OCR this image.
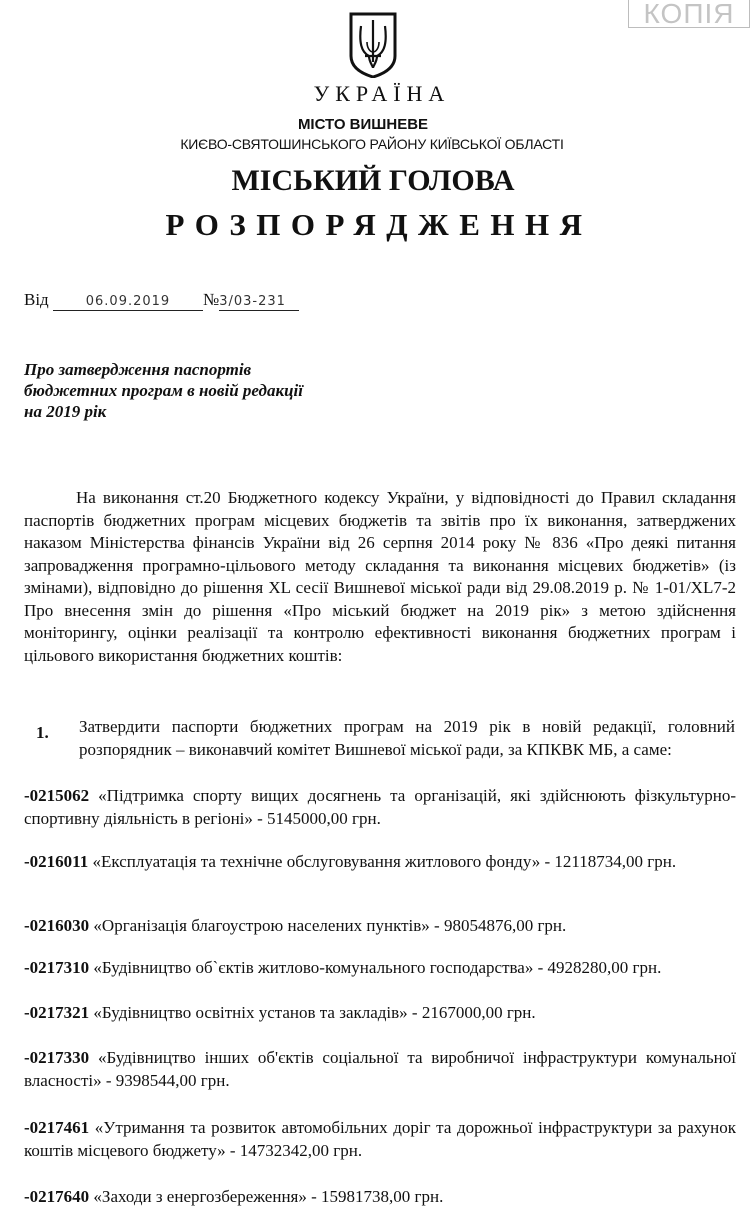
КОПІЯ
УКРАЇНА
МІСТО ВИШНЕВЕ
КИЄВО-СВЯТОШИНСЬКОГО РАЙОНУ КИЇВСЬКОЇ ОБЛАСТІ
МІСЬКИЙ ГОЛОВА
РОЗПОРЯДЖЕННЯ
Від	06.09.2019 №3/03-231
Про затвердження паспортів бюджетних програм в новій редакції на 2019 рік
На виконання ст.20 Бюджетного кодексу України, у відповідності до Правил складання паспортів бюджетних програм місцевих бюджетів та звітів про їх виконання, затверджених наказом Міністерства фінансів України від 26 серпня 2014 року № 836 «Про деякі питання запровадження програмно-цільового методу складання та виконання місцевих бюджетів» (із змінами), відповідно до рішення XL сесії Вишневої міської ради від 29.08.2019 р. № 1-01/XL7-2 Про внесення змін до рішення «Про міський бюджет на 2019 рік» з метою здійснення моніторингу, оцінки реалізації та контролю ефективності виконання бюджетних програм і цільового використання бюджетних коштів:
1. Затвердити паспорти бюджетних програм на 2019 рік в новій редакції, головний розпорядник – виконавчий комітет Вишневої міської ради, за КПКВК МБ, а саме:
-0215062 «Підтримка спорту вищих досягнень та організацій, які здійснюють фізкультурно-спортивну діяльність в регіоні» - 5145000,00 грн.
-0216011 «Експлуатація та технічне обслуговування житлового фонду» - 12118734,00 грн.
-0216030 «Організація благоустрою населених пунктів» - 98054876,00 грн.
-0217310 «Будівництво об`єктів житлово-комунального господарства» - 4928280,00 грн.
-0217321 «Будівництво освітніх установ та закладів» - 2167000,00 грн.
-0217330 «Будівництво інших об'єктів соціальної та виробничої інфраструктури комунальної власності» - 9398544,00 грн.
-0217461 «Утримання та розвиток автомобільних доріг та дорожньої інфраструктури за рахунок коштів місцевого бюджету» - 14732342,00 грн.
-0217640 «Заходи з енергозбереження» - 15981738,00 грн.
